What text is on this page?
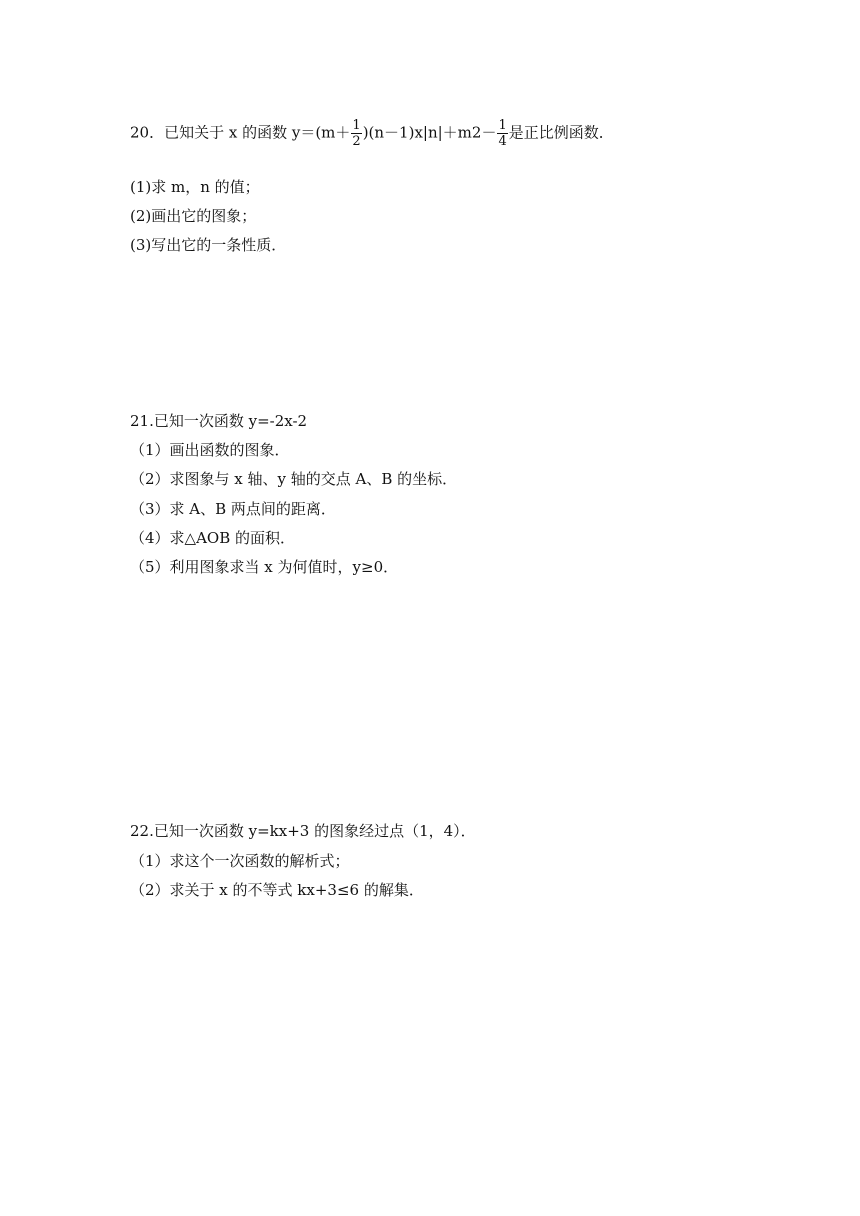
20．已知关于 x 的函数 $y=(m+ \frac{1}{2} )(n-1)x|n|+m2- \frac{1}{4}$ 是正比例函数．
(1)求 m，n 的值；
(2)画出它的图象；
(3)写出它的一条性质．
21.已知一次函数 y=-2x-2
（1）画出函数的图象．
（2）求图象与 x 轴、y 轴的交点 A、B 的坐标．
（3）求 A、B 两点间的距离．
（4）求△AOB 的面积．
（5）利用图象求当 x 为何值时，y≥0．
22.已知一次函数 y=kx+3 的图象经过点（1，4）．
（1）求这个一次函数的解析式；
（2）求关于 x 的不等式 kx+3≤6 的解集．
